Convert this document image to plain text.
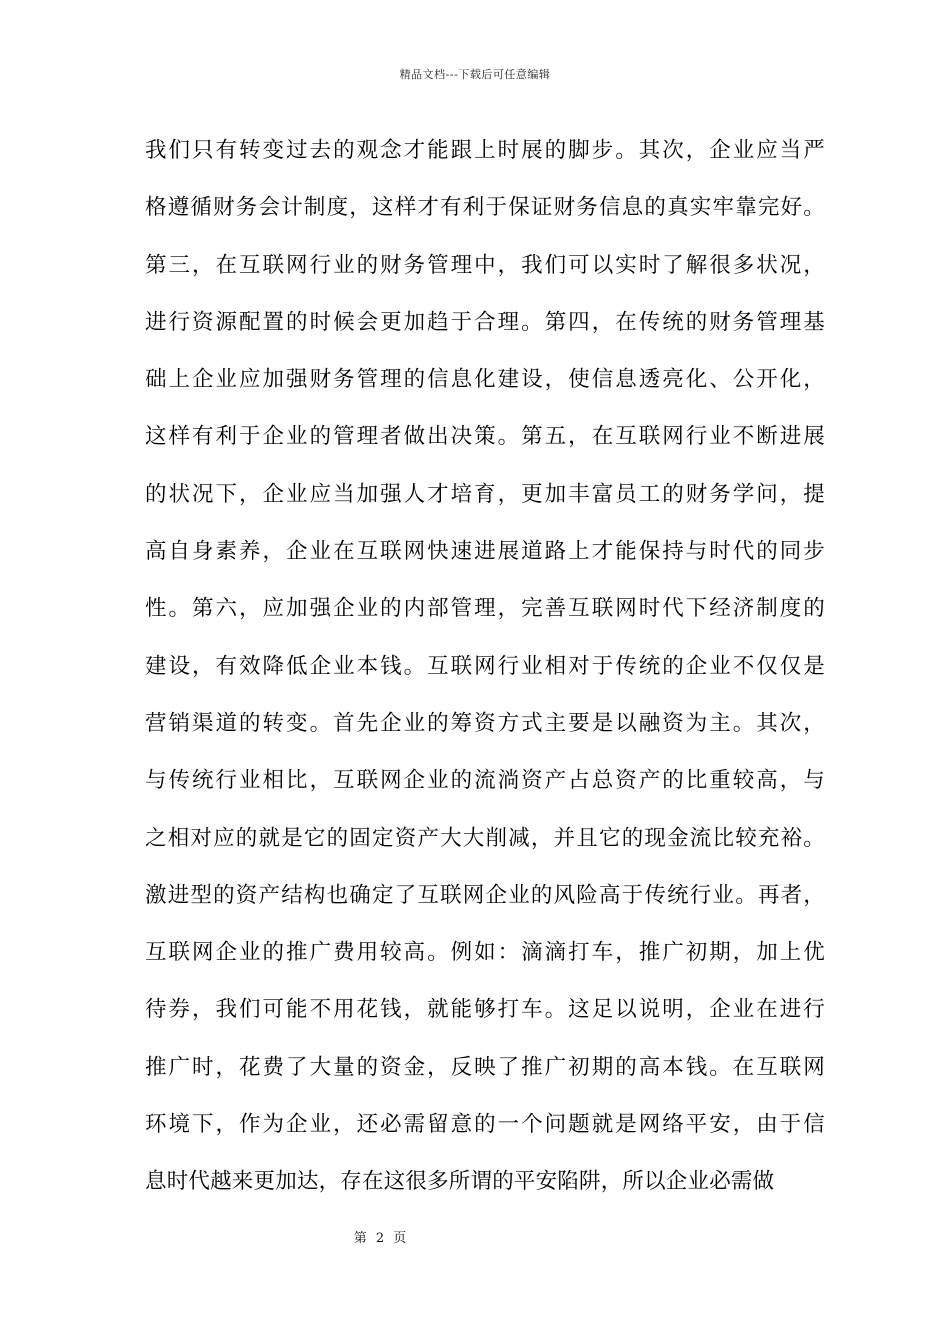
精品文档---下载后可任意编辑
我们只有转变过去的观念才能跟上时展的脚步。其次，企业应当严
格遵循财务会计制度，这样才有利于保证财务信息的真实牢靠完好。
第三，在互联网行业的财务管理中，我们可以实时了解很多状况，
进行资源配置的时候会更加趋于合理。第四，在传统的财务管理基
础上企业应加强财务管理的信息化建设，使信息透亮化、公开化，
这样有利于企业的管理者做出决策。第五，在互联网行业不断进展
的状况下，企业应当加强人才培育，更加丰富员工的财务学问，提
高自身素养，企业在互联网快速进展道路上才能保持与时代的同步
性。第六，应加强企业的内部管理，完善互联网时代下经济制度的
建设，有效降低企业本钱。互联网行业相对于传统的企业不仅仅是
营销渠道的转变。首先企业的筹资方式主要是以融资为主。其次，
与传统行业相比，互联网企业的流淌资产占总资产的比重较高，与
之相对应的就是它的固定资产大大削减，并且它的现金流比较充裕。
激进型的资产结构也确定了互联网企业的风险高于传统行业。再者，
互联网企业的推广费用较高。例如：滴滴打车，推广初期，加上优
待券，我们可能不用花钱，就能够打车。这足以说明，企业在进行
推广时，花费了大量的资金，反映了推广初期的高本钱。在互联网
环境下，作为企业，还必需留意的一个问题就是网络平安，由于信
息时代越来更加达，存在这很多所谓的平安陷阱，所以企业必需做
第 2 页
